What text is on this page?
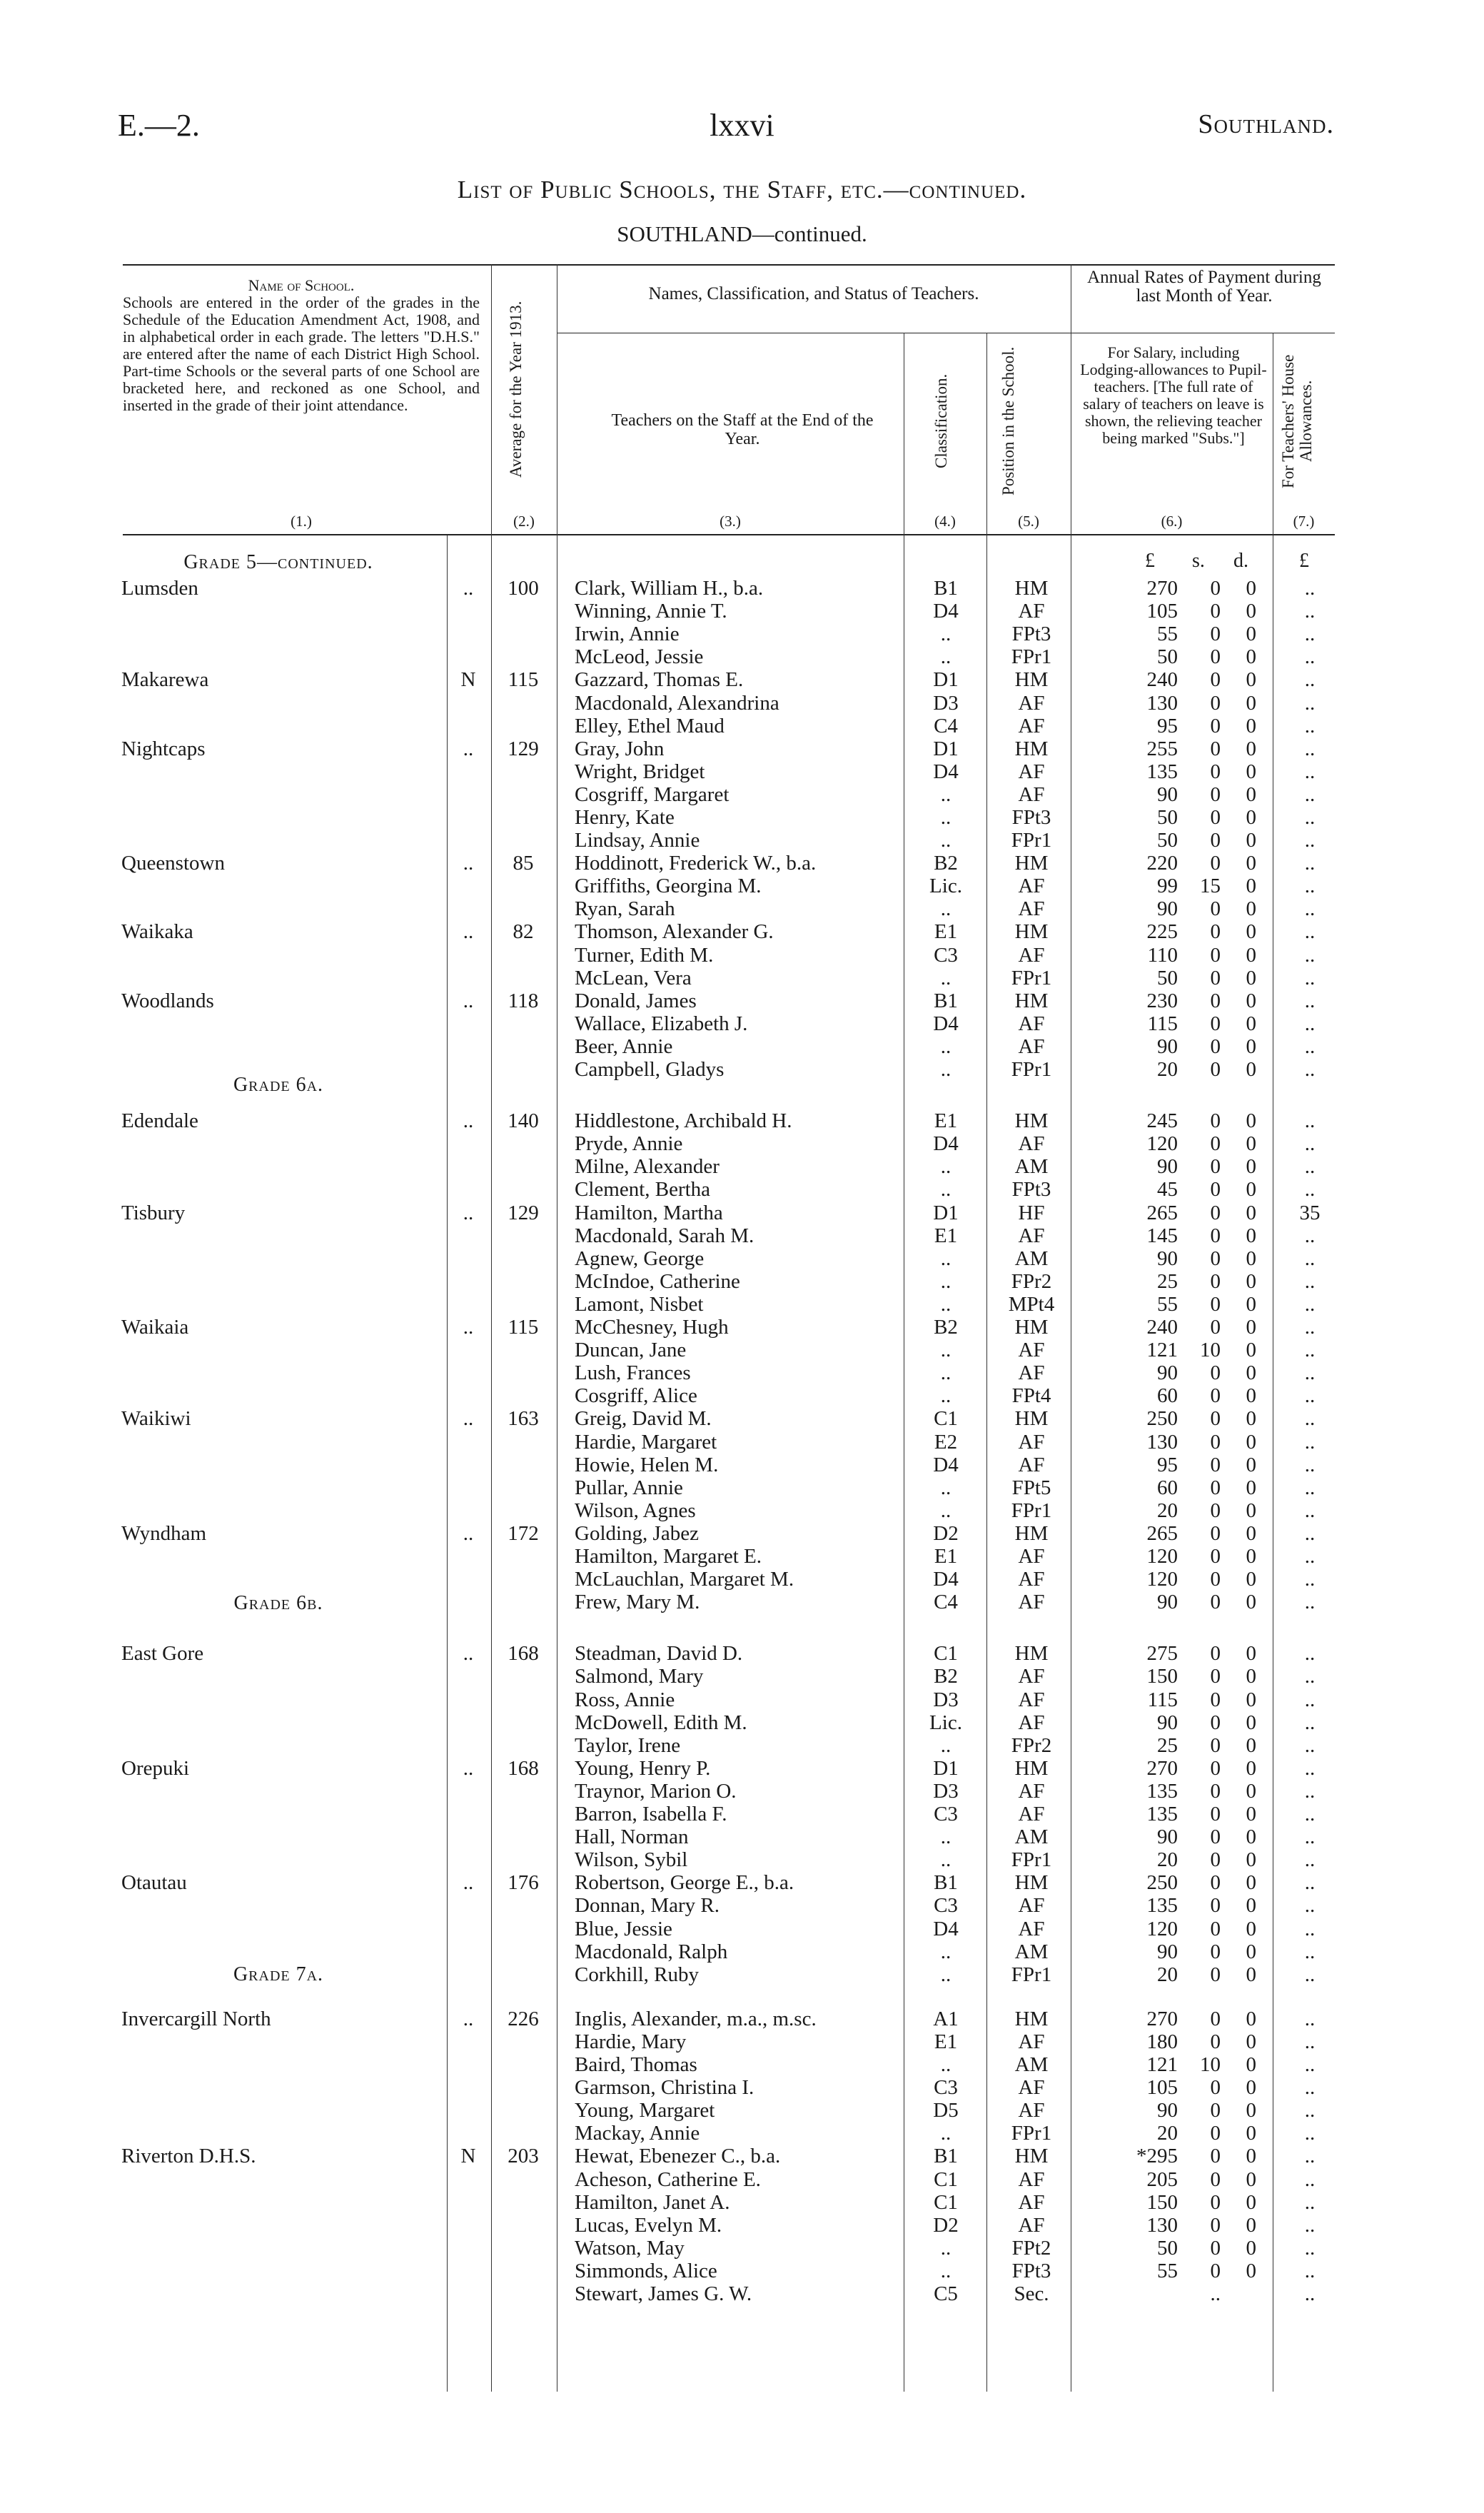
E.—2.	lxxvi	Southland.
List of Public Schools, the Staff, etc.—continued.
SOUTHLAND—continued.
Name of School.
Schools are entered in the order of the grades in the Schedule of the Education Amendment Act, 1908, and in alphabetical order in each grade. The letters "D.H.S." are entered after the name of each District High School. Part-time Schools or the several parts of one School are bracketed here, and reckoned as one School, and inserted in the grade of their joint attendance.
(1.)
Average for the Year 1913.
(2.)
Names, Classification, and Status of Teachers.
Teachers on the Staff at the End of the Year.
(3.)
Classification.
(4.)
Position in the School.
(5.)
Annual Rates of Payment during last Month of Year.
For Salary, including Lodging-allowances to Pupil-teachers. [The full rate of salary of teachers on leave is shown, the relieving teacher being marked "Subs."]
(6.)
For Teachers' House Allowances.
(7.)
£ s. d.	£
Grade 5—continued.
Grade 6a.
Grade 6b.
Grade 7a.
Lumsden	..	100	Clark, William H., b.a.	B1	HM	270	0	0	..
Winning, Annie T.	D4	AF	105	0	0	..
Irwin, Annie	..	FPt3	55	0	0	..
McLeod, Jessie	..	FPr1	50	0	0	..
Makarewa	N	115	Gazzard, Thomas E.	D1	HM	240	0	0	..
Macdonald, Alexandrina	D3	AF	130	0	0	..
Elley, Ethel Maud	C4	AF	95	0	0	..
Nightcaps	..	129	Gray, John	D1	HM	255	0	0	..
Wright, Bridget	D4	AF	135	0	0	..
Cosgriff, Margaret	..	AF	90	0	0	..
Henry, Kate	..	FPt3	50	0	0	..
Lindsay, Annie	..	FPr1	50	0	0	..
Queenstown	..	85	Hoddinott, Frederick W., b.a.	B2	HM	220	0	0	..
Griffiths, Georgina M.	Lic.	AF	99	15	0	..
Ryan, Sarah	..	AF	90	0	0	..
Waikaka	..	82	Thomson, Alexander G.	E1	HM	225	0	0	..
Turner, Edith M.	C3	AF	110	0	0	..
McLean, Vera	..	FPr1	50	0	0	..
Woodlands	..	118	Donald, James	B1	HM	230	0	0	..
Wallace, Elizabeth J.	D4	AF	115	0	0	..
Beer, Annie	..	AF	90	0	0	..
Campbell, Gladys	..	FPr1	20	0	0	..
Edendale	..	140	Hiddlestone, Archibald H.	E1	HM	245	0	0	..
Pryde, Annie	D4	AF	120	0	0	..
Milne, Alexander	..	AM	90	0	0	..
Clement, Bertha	..	FPt3	45	0	0	..
Tisbury	..	129	Hamilton, Martha	D1	HF	265	0	0	35
Macdonald, Sarah M.	E1	AF	145	0	0	..
Agnew, George	..	AM	90	0	0	..
McIndoe, Catherine	..	FPr2	25	0	0	..
Lamont, Nisbet	..	MPt4	55	0	0	..
Waikaia	..	115	McChesney, Hugh	B2	HM	240	0	0	..
Duncan, Jane	..	AF	121	10	0	..
Lush, Frances	..	AF	90	0	0	..
Cosgriff, Alice	..	FPt4	60	0	0	..
Waikiwi	..	163	Greig, David M.	C1	HM	250	0	0	..
Hardie, Margaret	E2	AF	130	0	0	..
Howie, Helen M.	D4	AF	95	0	0	..
Pullar, Annie	..	FPt5	60	0	0	..
Wilson, Agnes	..	FPr1	20	0	0	..
Wyndham	..	172	Golding, Jabez	D2	HM	265	0	0	..
Hamilton, Margaret E.	E1	AF	120	0	0	..
McLauchlan, Margaret M.	D4	AF	120	0	0	..
Frew, Mary M.	C4	AF	90	0	0	..
East Gore	..	168	Steadman, David D.	C1	HM	275	0	0	..
Salmond, Mary	B2	AF	150	0	0	..
Ross, Annie	D3	AF	115	0	0	..
McDowell, Edith M.	Lic.	AF	90	0	0	..
Taylor, Irene	..	FPr2	25	0	0	..
Orepuki	..	168	Young, Henry P.	D1	HM	270	0	0	..
Traynor, Marion O.	D3	AF	135	0	0	..
Barron, Isabella F.	C3	AF	135	0	0	..
Hall, Norman	..	AM	90	0	0	..
Wilson, Sybil	..	FPr1	20	0	0	..
Otautau	..	176	Robertson, George E., b.a.	B1	HM	250	0	0	..
Donnan, Mary R.	C3	AF	135	0	0	..
Blue, Jessie	D4	AF	120	0	0	..
Macdonald, Ralph	..	AM	90	0	0	..
Corkhill, Ruby	..	FPr1	20	0	0	..
Invercargill North	..	226	Inglis, Alexander, m.a., m.sc.	A1	HM	270	0	0	..
Hardie, Mary	E1	AF	180	0	0	..
Baird, Thomas	..	AM	121	10	0	..
Garmson, Christina I.	C3	AF	105	0	0	..
Young, Margaret	D5	AF	90	0	0	..
Mackay, Annie	..	FPr1	20	0	0	..
Riverton D.H.S.	N	203	Hewat, Ebenezer C., b.a.	B1	HM	*295	0	0	..
Acheson, Catherine E.	C1	AF	205	0	0	..
Hamilton, Janet A.	C1	AF	150	0	0	..
Lucas, Evelyn M.	D2	AF	130	0	0	..
Watson, May	..	FPt2	50	0	0	..
Simmonds, Alice	..	FPt3	55	0	0	..
Stewart, James G. W.	C5	Sec.	..	..
